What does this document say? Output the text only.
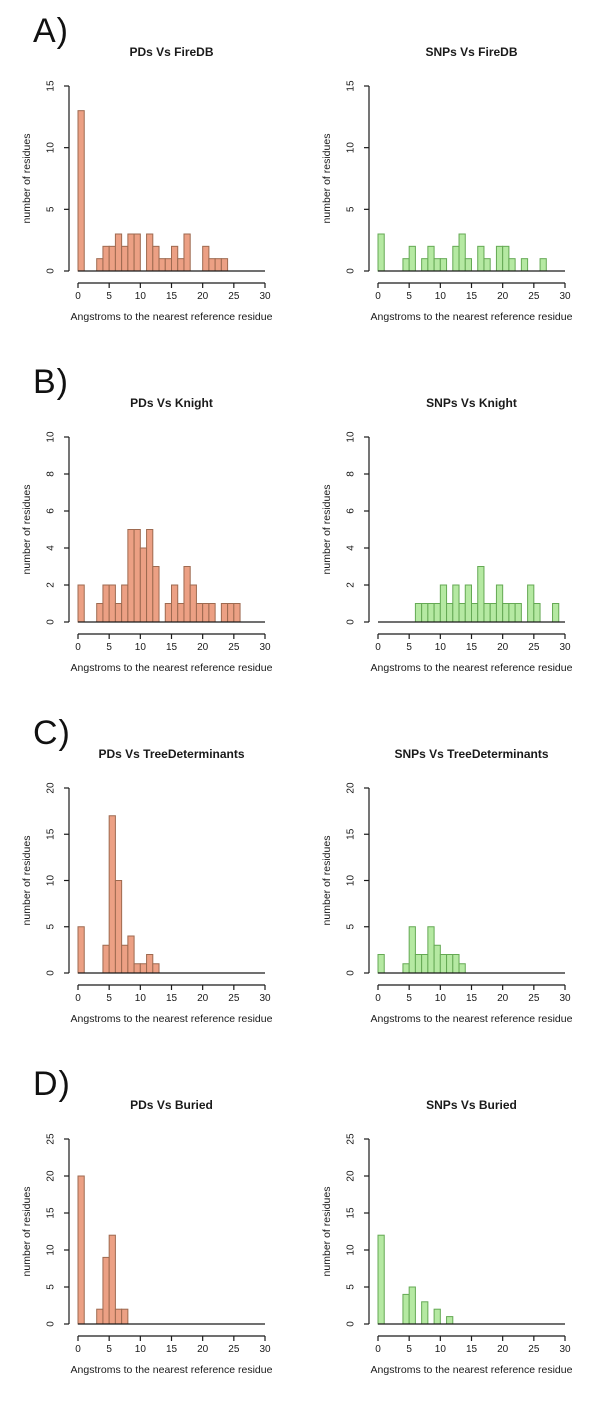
A)
PDs Vs FireDB
0
5
10
15
number of residues
0	5 10 15 20 25 30
Angstroms to the nearest reference residue
SNPs Vs FireDB
0
5
10
15
number of residues
0	5 10 15 20 25 30
Angstroms to the nearest reference residue
B)
PDs Vs Knight
0
2
4
6
8
10
number of residues
0	5 10 15 20 25 30
Angstroms to the nearest reference residue
SNPs Vs Knight
0
2
4
6
8
10
number of residues
0	5 10 15 20 25 30
Angstroms to the nearest reference residue
C)
PDs Vs TreeDeterminants
0
5
10
15
20
number of residues
0	5 10 15 20 25 30
Angstroms to the nearest reference residue
SNPs Vs TreeDeterminants
0
5
10
15
20
number of residues
0	5 10 15 20 25 30
Angstroms to the nearest reference residue
D)
PDs Vs Buried
0
5
10
15
20
25
number of residues
0	5 10 15 20 25 30
Angstroms to the nearest reference residue
SNPs Vs Buried
0
5
10
15
20
25
number of residues
0	5 10 15 20 25 30
Angstroms to the nearest reference residue
